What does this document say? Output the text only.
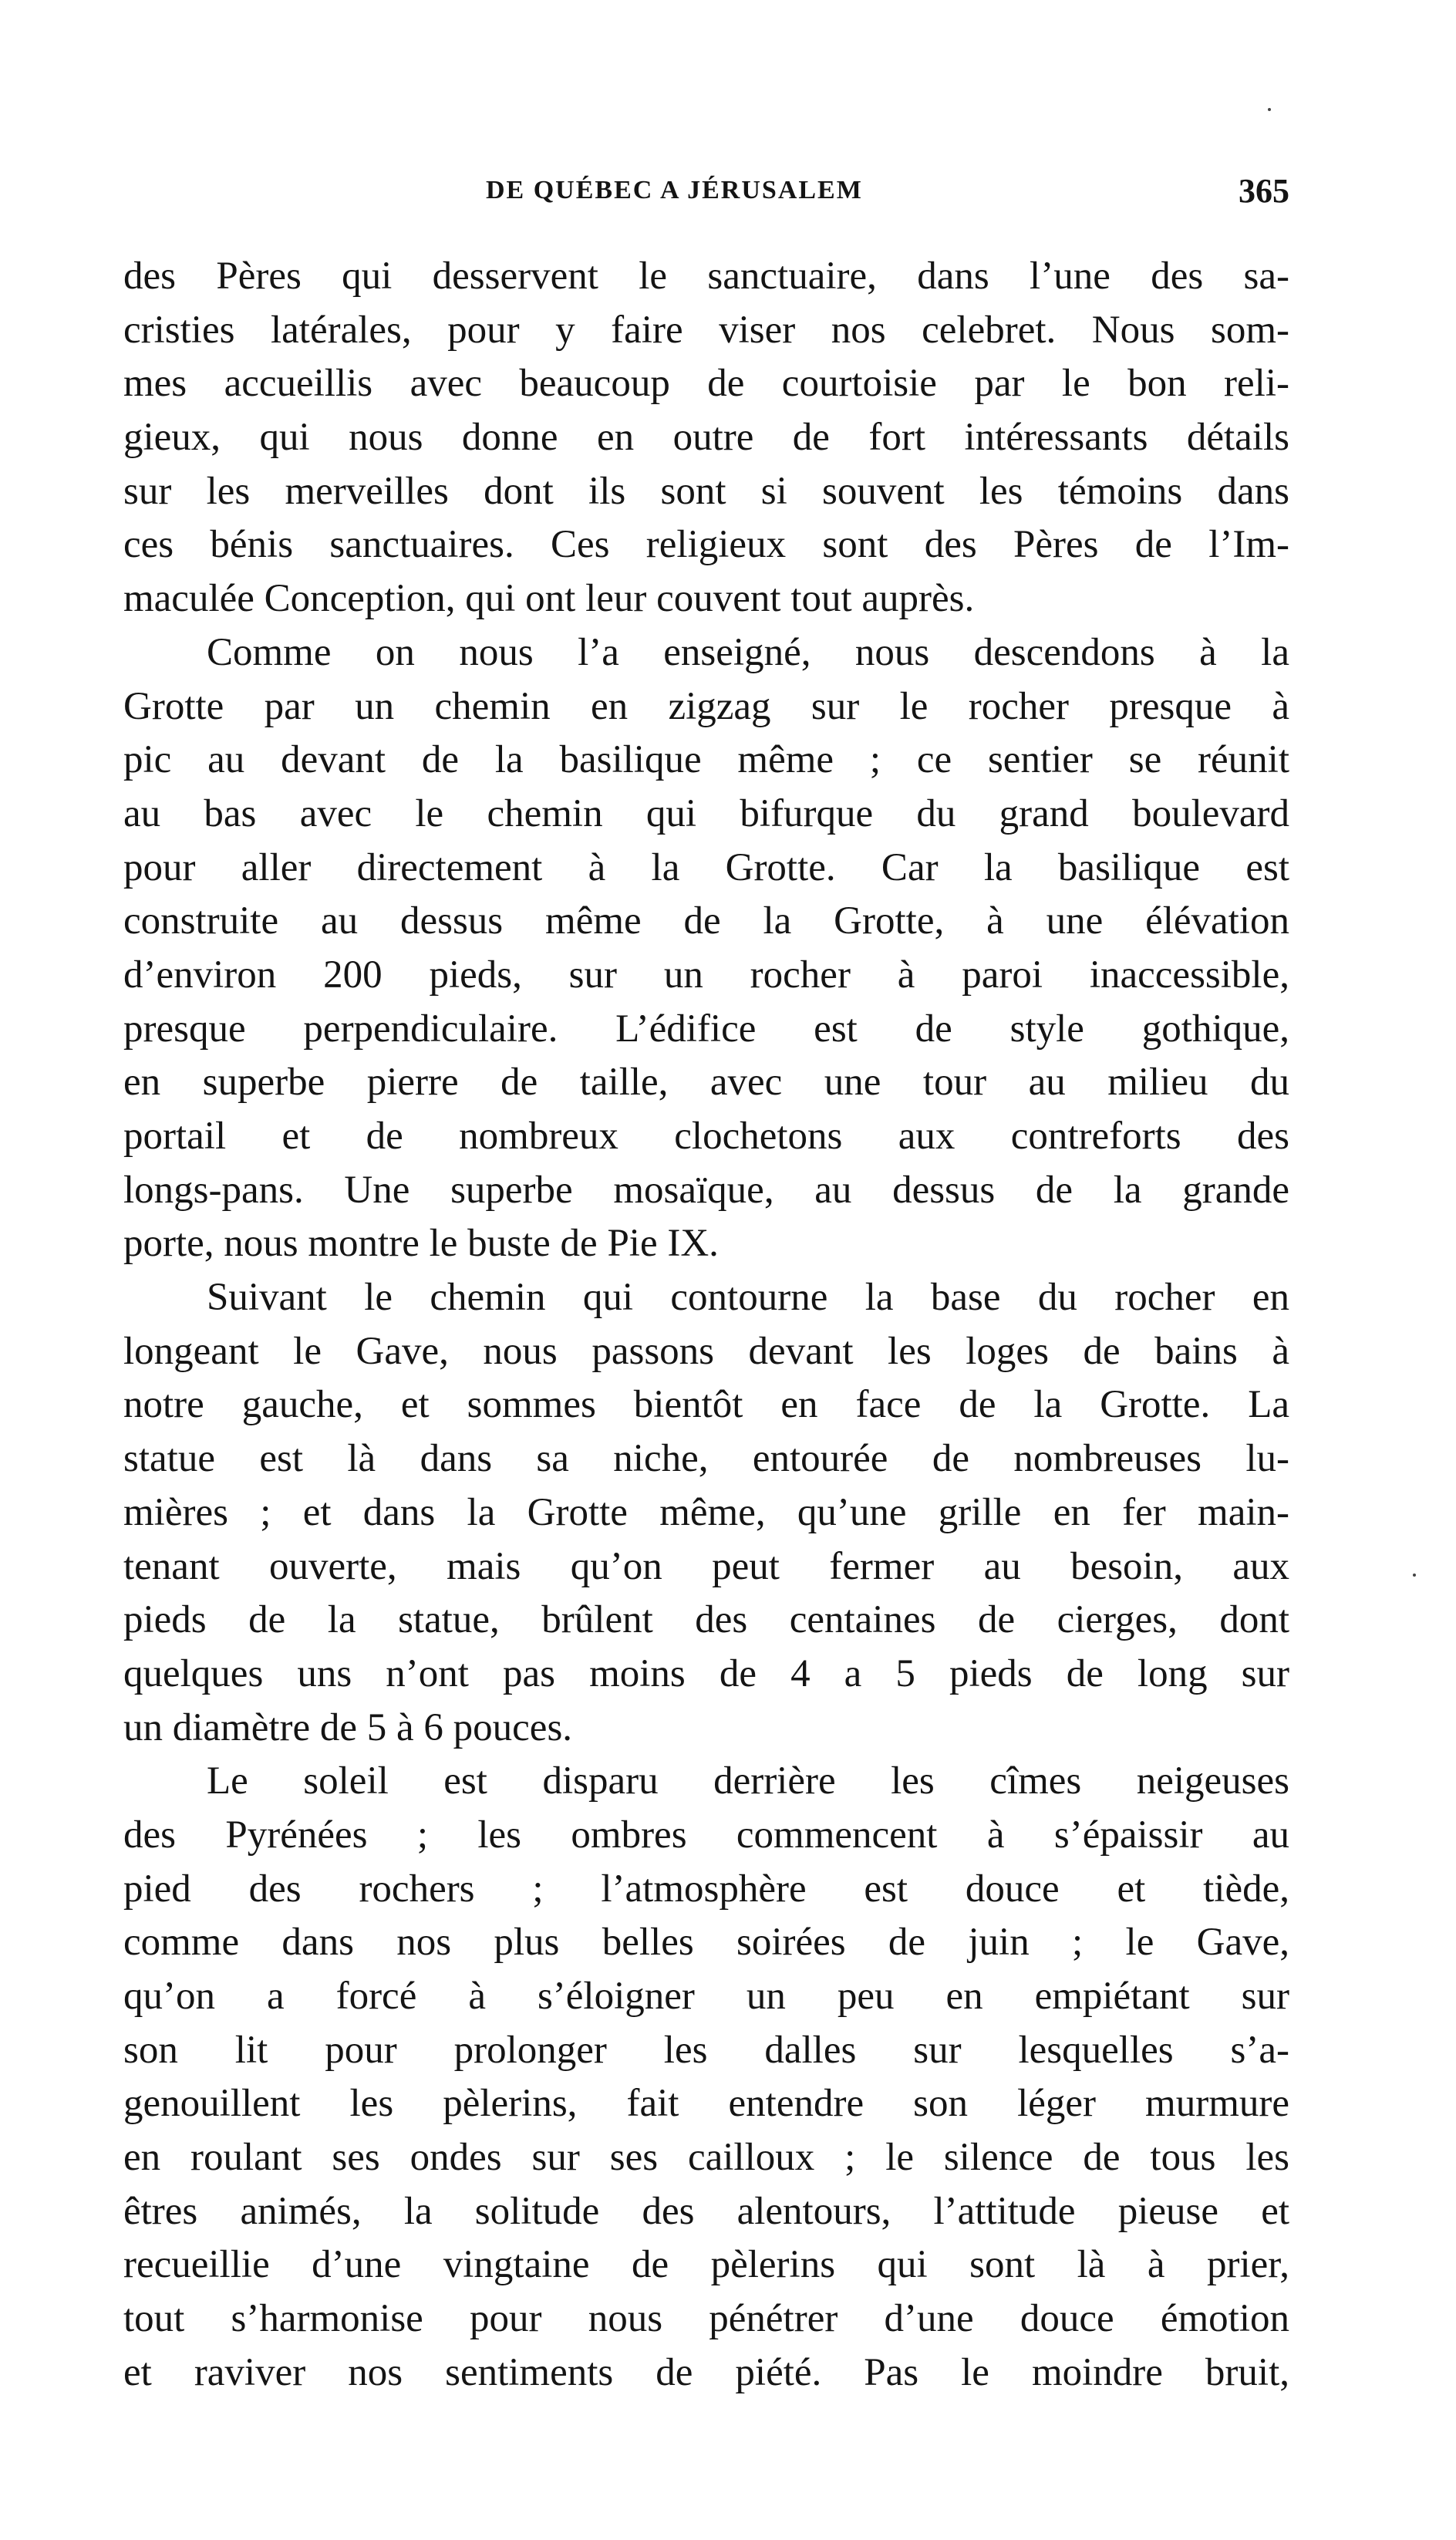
DE QUÉBEC A JÉRUSALEM	365
des Pères qui desservent le sanctuaire, dans l’une des sa-
cristies latérales, pour y faire viser nos celebret. Nous som-
mes accueillis avec beaucoup de courtoisie par le bon reli-
gieux, qui nous donne en outre de fort intéressants détails
sur les merveilles dont ils sont si souvent les témoins dans
ces bénis sanctuaires. Ces religieux sont des Pères de l’Im-
maculée Conception, qui ont leur couvent tout auprès.
Comme on nous l’a enseigné, nous descendons à la
Grotte par un chemin en zigzag sur le rocher presque à
pic au devant de la basilique même ; ce sentier se réunit
au bas avec le chemin qui bifurque du grand boulevard
pour aller directement à la Grotte. Car la basilique est
construite au dessus même de la Grotte, à une élévation
d’environ 200 pieds, sur un rocher à paroi inaccessible,
presque perpendiculaire. L’édifice est de style gothique,
en superbe pierre de taille, avec une tour au milieu du
portail et de nombreux clochetons aux contreforts des
longs-pans. Une superbe mosaïque, au dessus de la grande
porte, nous montre le buste de Pie IX.
Suivant le chemin qui contourne la base du rocher en
longeant le Gave, nous passons devant les loges de bains à
notre gauche, et sommes bientôt en face de la Grotte. La
statue est là dans sa niche, entourée de nombreuses lu-
mières ; et dans la Grotte même, qu’une grille en fer main-
tenant ouverte, mais qu’on peut fermer au besoin, aux
pieds de la statue, brûlent des centaines de cierges, dont
quelques uns n’ont pas moins de 4 a 5 pieds de long sur
un diamètre de 5 à 6 pouces.
Le soleil est disparu derrière les cîmes neigeuses
des Pyrénées ; les ombres commencent à s’épaissir au
pied des rochers ; l’atmosphère est douce et tiède,
comme dans nos plus belles soirées de juin ; le Gave,
qu’on a forcé à s’éloigner un peu en empiétant sur
son lit pour prolonger les dalles sur lesquelles s’a-
genouillent les pèlerins, fait entendre son léger murmure
en roulant ses ondes sur ses cailloux ; le silence de tous les
êtres animés, la solitude des alentours, l’attitude pieuse et
recueillie d’une vingtaine de pèlerins qui sont là à prier,
tout s’harmonise pour nous pénétrer d’une douce émotion
et raviver nos sentiments de piété. Pas le moindre bruit,
